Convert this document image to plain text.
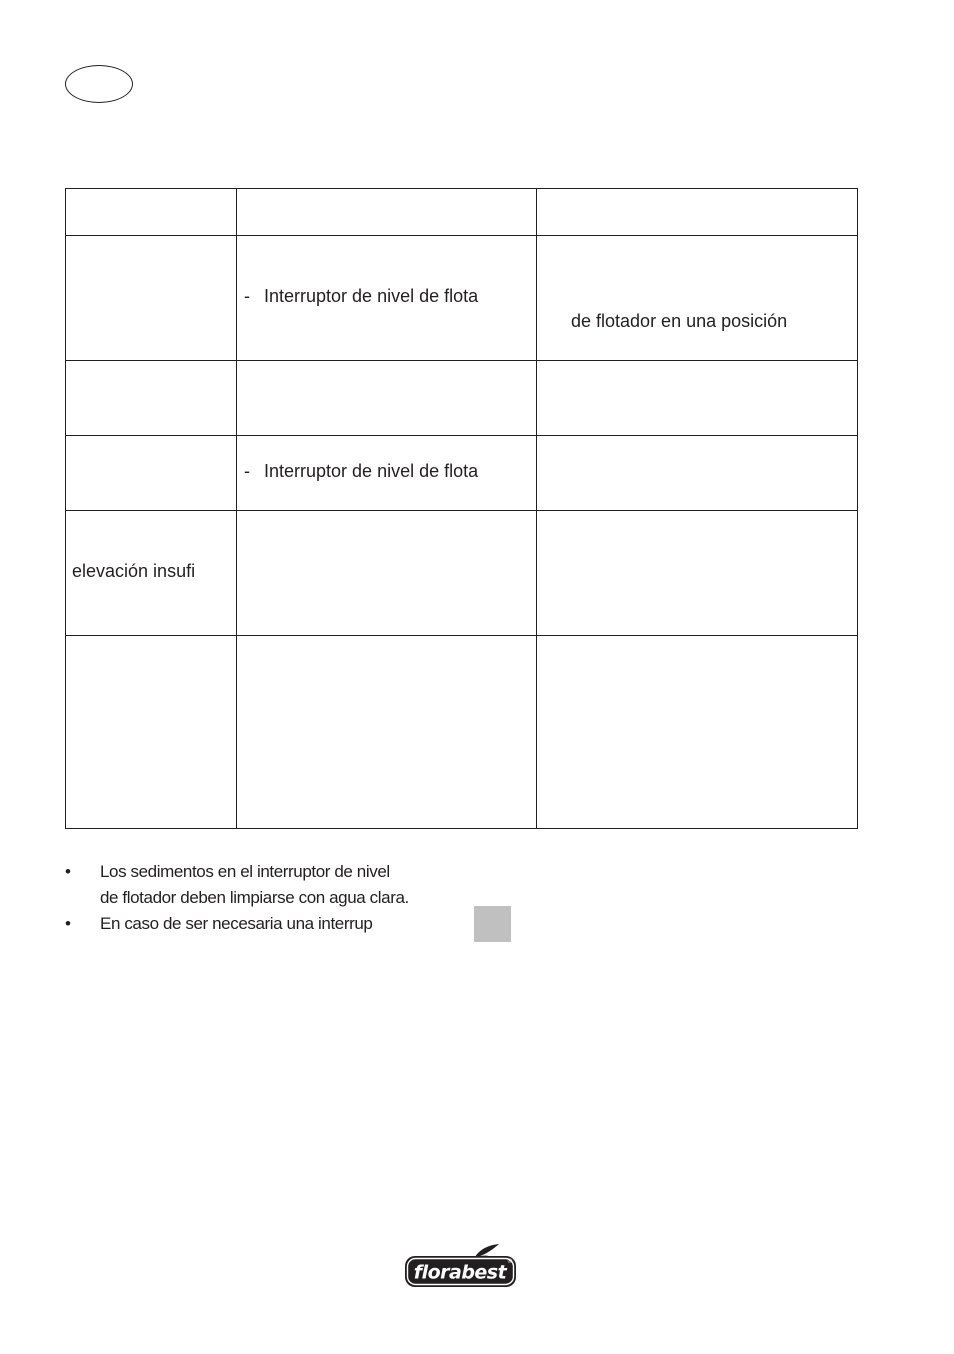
	- Interruptor de nivel de flota	de flotador en una posición

	- Interruptor de nivel de flota	

elevación insufi		

• Los sedimentos en el interruptor de nivel
de flotador deben limpiarse con agua clara.
• En caso de ser necesaria una interrup
florabest ®
